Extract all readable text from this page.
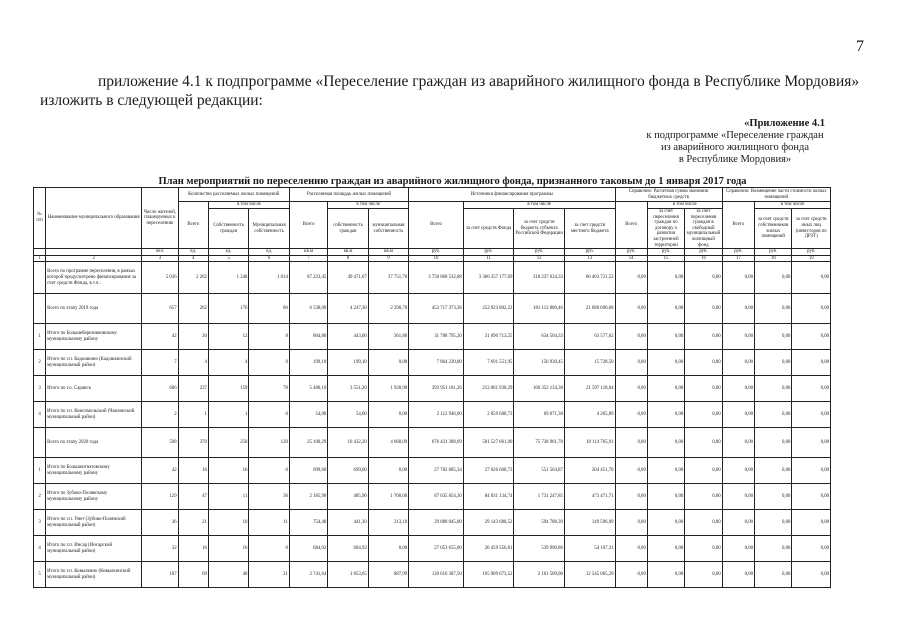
7
приложение 4.1 к подпрограмме «Переселение граждан из аварийного жилищного фонда в Республике Мордовия»
изложить в следующей редакции:
«Приложение 4.1
к подпрограмме «Переселение граждан
из аварийного жилищного фонда
в Республике Мордовия»
План мероприятий по переселению граждан из аварийного жилищного фонда, признанного таковым до 1 января 2017 года
№ п/п	Наименование муниципального образования	Число жителей, планируемых к переселению	Количество расселяемых жилых помещений			Расселяемая площадь жилых помещений			Источники финансирования программы				Справочно: Расчетная сумма экономии бюджетных средств			Справочно: Возмещение части стоимости жилых помещений		
			Всего	в том числе		Всего	в том числе		Всего	в том числе			Всего	в том числе		Всего	в том числе	
				Собственность граждан	Муниципальная собственность		собственность граждан	муниципальная собственность		за счет средств Фонда	за счет средств бюджета субъекта Российской Федерации	за счет средств местного бюджета		за счет переселения граждан по договору о развитии застроенной территории	за счет переселения граждан в свободный муниципальный жилищный фонд		за счет средств собственников жилых помещений	за счет средств иных лиц (инвесторов по ДРЗТ)
		чел.	ед.	ед.	ед.	кв.м	кв.м	кв.м	руб.	руб.	руб.	руб.	руб.	руб.	руб.	руб.	руб.	руб.
1	2	3	4	5	6	7	8	9	10	11	12	13	14	15	16	17	18	19
	Всего по программе переселения, в рамках которой предусмотрено финансирование за счет средств Фонда, в т.ч.:	5 036	2 262	1 248	1 014	87 223,45	49 471,67	37 751,76	3 750 868 532,88	3 366 357 177,69	318 237 634,33	66 403 721,52	0,00	0,00	0,00	0,00	0,00	0,00
	Всего по этапу 2019 года	657	262	176	86	6 538,00	4 247,30	2 290,70	453 717 373,36	252 923 802,22	181 112 880,46	21 680 690,68	0,00	0,00	0,00	0,00	0,00	0,00
1	Итого по Большеберезниковскому муниципальному району	42	20	12	8	804,80	443,00	361,80	31 788 795,20	31 090 713,25	634 504,33	63 577,62	0,00	0,00	0,00	0,00	0,00	0,00
2	Итого по г.п. Кадошкино (Кадошкинский муниципальный район)	7	4	4	0	199,10	199,10	0,00	7 864 230,00	7 691 551,95	156 930,45	15 728,50	0,00	0,00	0,00	0,00	0,00	0,00
3	Итого по г.о. Саранск	606	237	159	78	5 480,10	3 551,20	1 928,90	393 951 181,26	212 061 938,29	160 352 134,38	21 597 118,64	0,00	0,00	0,00	0,00	0,00	0,00
4	Итого по г.п. Комсомольский (Чамзинский муниципальный район)	2	1	1	0	54,00	54,00	0,00	2 112 946,00	2 059 608,73	69 071,38	4 265,89	0,00	0,00	0,00	0,00	0,00	0,00
	Всего по этапу 2020 года	598	370	250	120	25 100,29	10 432,20	4 668,09	676 431 388,69	581 527 661,00	75 738 961,78	18 114 765,91	0,00	0,00	0,00	0,00	0,00	0,00
1	Итого по Большеигнатовскому муниципальному району	42	16	16	0	699,60	699,60	0,00	27 782 685,34	27 026 668,73	551 564,87	204 451,70	0,00	0,00	0,00	0,00	0,00	0,00
2	Итого по Зубово-Полянскому муниципальному району	129	47	11	36	2 185,90	485,90	1 700,00	87 035 854,30	84 831 134,74	1 731 247,85	473 471,71	0,00	0,00	0,00	0,00	0,00	0,00
3	Итого по г.п. Умет (Зубово-Полянский муниципальный район)	36	21	10	11	754,40	441,30	313,10	29 888 045,00	29 143 680,52	594 788,39	149 596,09	0,00	0,00	0,00	0,00	0,00	0,00
4	Итого по г.п. Инсар (Инсарский муниципальный район)	32	16	16	0	684,92	684,92	0,00	27 053 655,00	26 459 556,81	539 990,86	54 107,31	0,00	0,00	0,00	0,00	0,00	0,00
5	Итого по г.п. Ковылкино (Ковылкинский муниципальный район)	107	69	48	21	2 741,64	1 853,65	887,99	120 616 387,50	105 909 673,52	2 161 509,00	12 545 065,29	0,00	0,00	0,00	0,00	0,00	0,00
